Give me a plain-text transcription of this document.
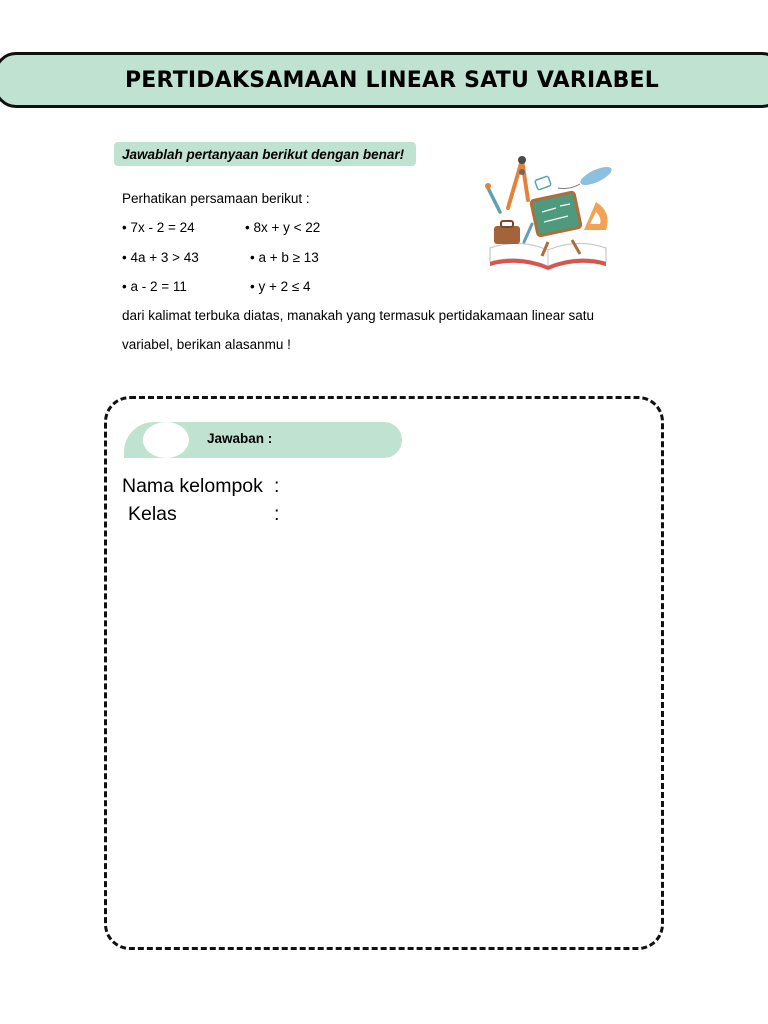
PERTIDAKSAMAAN LINEAR SATU VARIABEL
Jawablah pertanyaan berikut dengan benar!
Perhatikan persamaan berikut :
• 7x - 2 = 24	• 8x + y < 22
• 4a + 3 > 43	• a + b ≥ 13
• a - 2 = 11	• y + 2 ≤ 4
dari kalimat terbuka diatas, manakah yang termasuk pertidakamaan linear satu
variabel, berikan alasanmu !
Jawaban :
Nama kelompok :
Kelas	:
